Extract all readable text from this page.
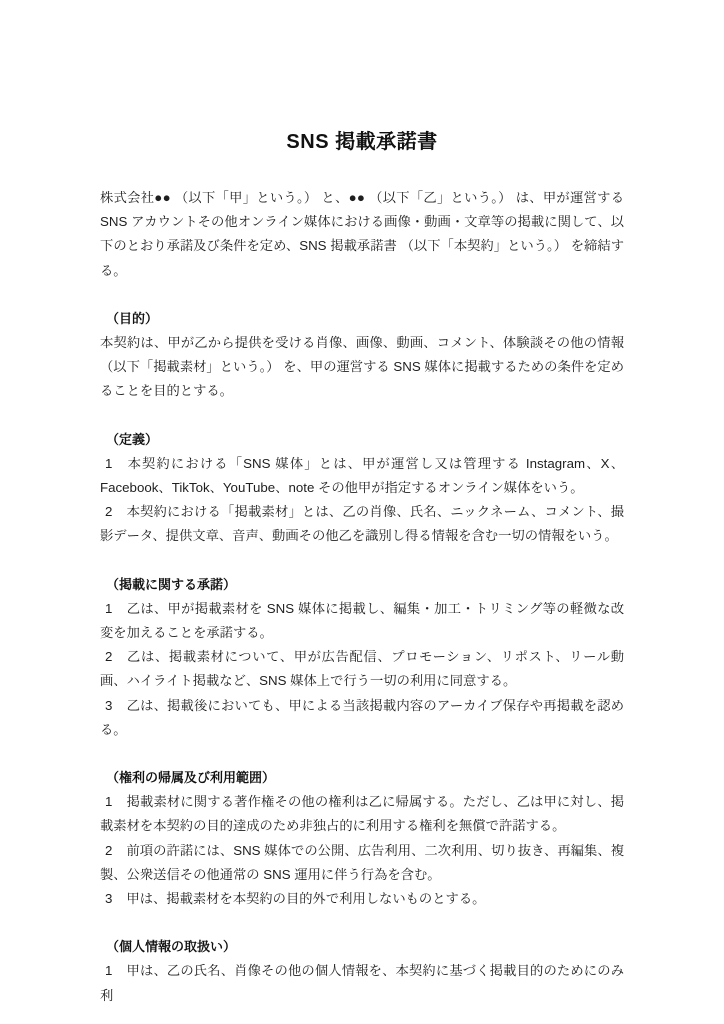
SNS 掲載承諾書

株式会社●● （以下「甲」という。） と、●● （以下「乙」という。） は、甲が運営する SNS アカウントその他オンライン媒体における画像・動画・文章等の掲載に関して、以下のとおり承諾及び条件を定め、SNS 掲載承諾書 （以下「本契約」という。） を締結する。

（目的）

本契約は、甲が乙から提供を受ける肖像、画像、動画、コメント、体験談その他の情報（以下「掲載素材」という。） を、甲の運営する SNS 媒体に掲載するための条件を定めることを目的とする。

（定義）

1 本契約における「SNS 媒体」とは、甲が運営し又は管理する Instagram、X、Facebook、TikTok、YouTube、note その他甲が指定するオンライン媒体をいう。

2 本契約における「掲載素材」とは、乙の肖像、氏名、ニックネーム、コメント、撮影データ、提供文章、音声、動画その他乙を識別し得る情報を含む一切の情報をいう。

（掲載に関する承諾）

1 乙は、甲が掲載素材を SNS 媒体に掲載し、編集・加工・トリミング等の軽微な改変を加えることを承諾する。

2 乙は、掲載素材について、甲が広告配信、プロモーション、リポスト、リール動画、ハイライト掲載など、SNS 媒体上で行う一切の利用に同意する。

3 乙は、掲載後においても、甲による当該掲載内容のアーカイブ保存や再掲載を認める。

（権利の帰属及び利用範囲）

1 掲載素材に関する著作権その他の権利は乙に帰属する。ただし、乙は甲に対し、掲載素材を本契約の目的達成のため非独占的に利用する権利を無償で許諾する。

2 前項の許諾には、SNS 媒体での公開、広告利用、二次利用、切り抜き、再編集、複製、公衆送信その他通常の SNS 運用に伴う行為を含む。

3 甲は、掲載素材を本契約の目的外で利用しないものとする。

（個人情報の取扱い）

1 甲は、乙の氏名、肖像その他の個人情報を、本契約に基づく掲載目的のためにのみ利
